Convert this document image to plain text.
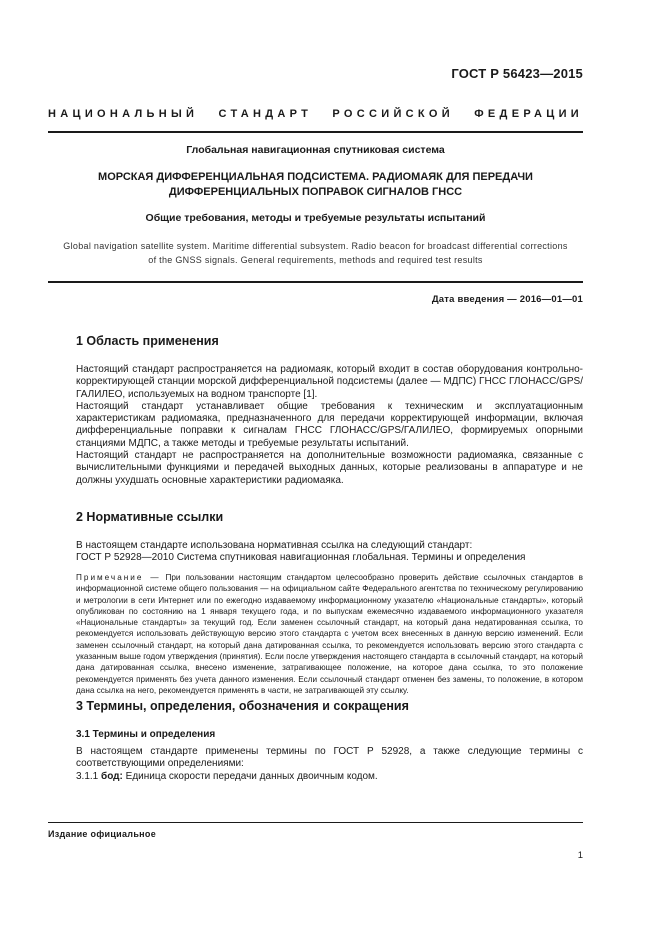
ГОСТ Р 56423—2015
НАЦИОНАЛЬНЫЙ СТАНДАРТ РОССИЙСКОЙ ФЕДЕРАЦИИ
Глобальная навигационная спутниковая система
МОРСКАЯ ДИФФЕРЕНЦИАЛЬНАЯ ПОДСИСТЕМА. РАДИОМАЯК ДЛЯ ПЕРЕДАЧИ
ДИФФЕРЕНЦИАЛЬНЫХ ПОПРАВОК СИГНАЛОВ ГНСС
Общие требования, методы и требуемые результаты испытаний
Global navigation satellite system. Maritime differential subsystem. Radio beacon for broadcast differential corrections
of the GNSS signals. General requirements, methods and required test results
Дата введения — 2016—01—01
1 Область применения

Настоящий стандарт распространяется на радиомаяк, который входит в состав оборудования контрольно-корректирующей станции морской дифференциальной подсистемы (далее — МДПС) ГНСС ГЛОНАСС/GPS/ГАЛИЛЕО, используемых на водном транспорте [1].

Настоящий стандарт устанавливает общие требования к техническим и эксплуатационным характеристикам радиомаяка, предназначенного для передачи корректирующей информации, включая дифференциальные поправки к сигналам ГНСС ГЛОНАСС/GPS/ГАЛИЛЕО, формируемых опорными станциями МДПС, а также методы и требуемые результаты испытаний.

Настоящий стандарт не распространяется на дополнительные возможности радиомаяка, связанные с вычислительными функциями и передачей выходных данных, которые реализованы в аппаратуре и не должны ухудшать основные характеристики радиомаяка.

2 Нормативные ссылки

В настоящем стандарте использована нормативная ссылка на следующий стандарт:

ГОСТ Р 52928—2010 Система спутниковая навигационная глобальная. Термины и определения

Примечание — При пользовании настоящим стандартом целесообразно проверить действие ссылочных стандартов в информационной системе общего пользования — на официальном сайте Федерального агентства по техническому регулированию и метрологии в сети Интернет или по ежегодно издаваемому информационному указателю «Национальные стандарты», который опубликован по состоянию на 1 января текущего года, и по выпускам ежемесячно издаваемого информационного указателя «Национальные стандарты» за текущий год. Если заменен ссылочный стандарт, на который дана недатированная ссылка, то рекомендуется использовать действующую версию этого стандарта с учетом всех внесенных в данную версию изменений. Если заменен ссылочный стандарт, на который дана датированная ссылка, то рекомендуется использовать версию этого стандарта с указанным выше годом утверждения (принятия). Если после утверждения настоящего стандарта в ссылочный стандарт, на который дана датированная ссылка, внесено изменение, затрагивающее положение, на которое дана ссылка, то это положение рекомендуется применять без учета данного изменения. Если ссылочный стандарт отменен без замены, то положение, в котором дана ссылка на него, рекомендуется применять в части, не затрагивающей эту ссылку.
3 Термины, определения, обозначения и сокращения
3.1 Термины и определения

В настоящем стандарте применены термины по ГОСТ Р 52928, а также следующие термины с соответствующими определениями:

3.1.1 бод: Единица скорости передачи данных двоичным кодом.

Издание официальное
1
